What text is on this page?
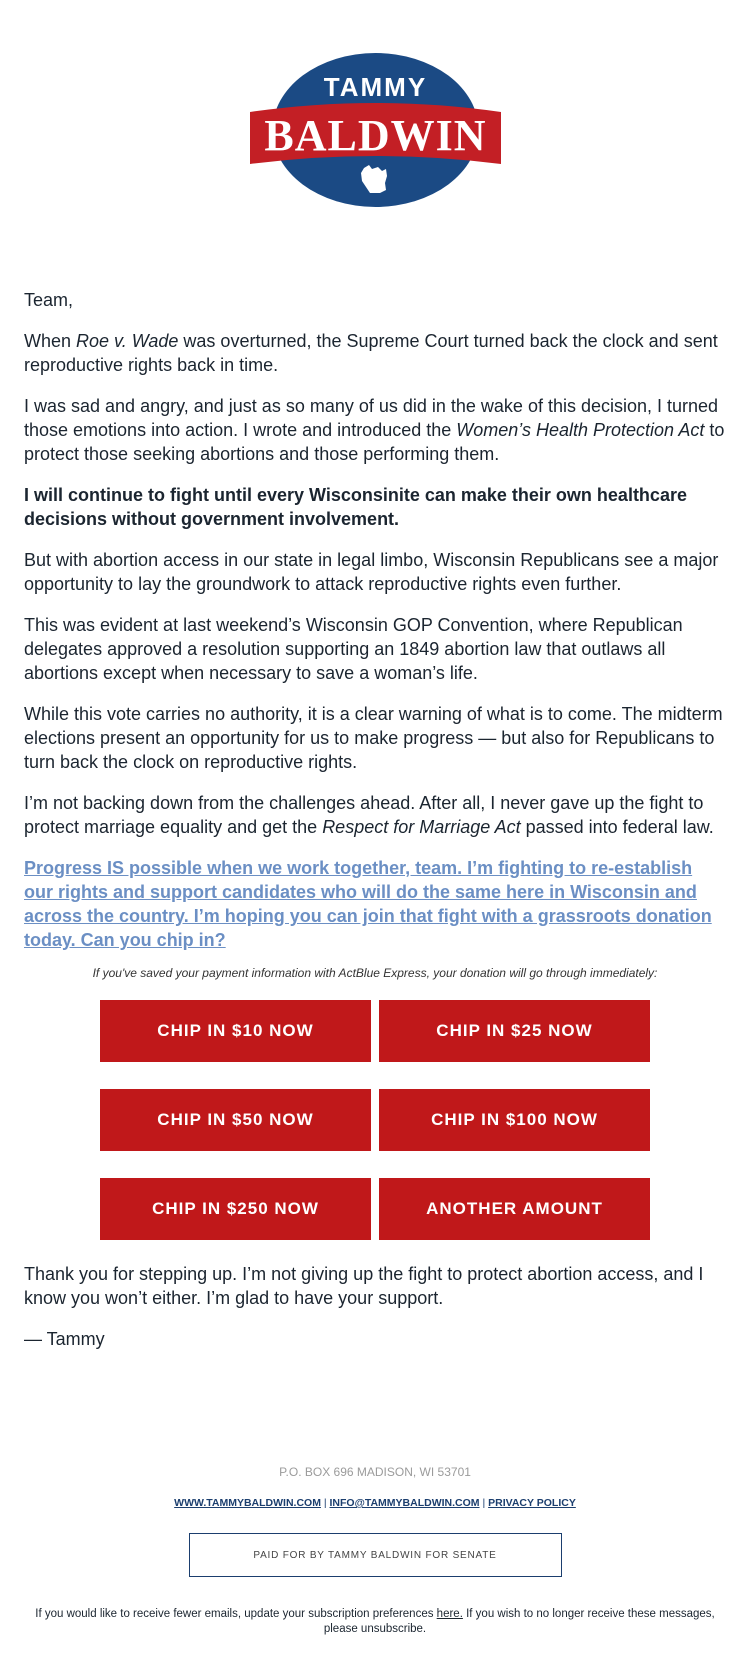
TAMMY
BALDWIN

Team,

When Roe v. Wade was overturned, the Supreme Court turned back the clock and sent reproductive rights back in time.

I was sad and angry, and just as so many of us did in the wake of this decision, I turned those emotions into action. I wrote and introduced the Women’s Health Protection Act to protect those seeking abortions and those performing them.

I will continue to fight until every Wisconsinite can make their own healthcare decisions without government involvement.

But with abortion access in our state in legal limbo, Wisconsin Republicans see a major opportunity to lay the groundwork to attack reproductive rights even further.

This was evident at last weekend’s Wisconsin GOP Convention, where Republican delegates approved a resolution supporting an 1849 abortion law that outlaws all abortions except when necessary to save a woman’s life.

While this vote carries no authority, it is a clear warning of what is to come. The midterm elections present an opportunity for us to make progress — but also for Republicans to turn back the clock on reproductive rights.

I’m not backing down from the challenges ahead. After all, I never gave up the fight to protect marriage equality and get the Respect for Marriage Act passed into federal law.

Progress IS possible when we work together, team. I’m fighting to re-establish our rights and support candidates who will do the same here in Wisconsin and across the country. I’m hoping you can join that fight with a grassroots donation today. Can you chip in?
If you've saved your payment information with ActBlue Express, your donation will go through immediately:
CHIP IN $10 NOW	CHIP IN $25 NOW
CHIP IN $50 NOW	CHIP IN $100 NOW
CHIP IN $250 NOW	ANOTHER AMOUNT

Thank you for stepping up. I’m not giving up the fight to protect abortion access, and I know you won’t either. I’m glad to have your support.

— Tammy

P.O. BOX 696 MADISON, WI 53701
WWW.TAMMYBALDWIN.COM | INFO@TAMMYBALDWIN.COM | PRIVACY POLICY
PAID FOR BY TAMMY BALDWIN FOR SENATE
If you would like to receive fewer emails, update your subscription preferences here. If you wish to no longer receive these messages, please unsubscribe.
